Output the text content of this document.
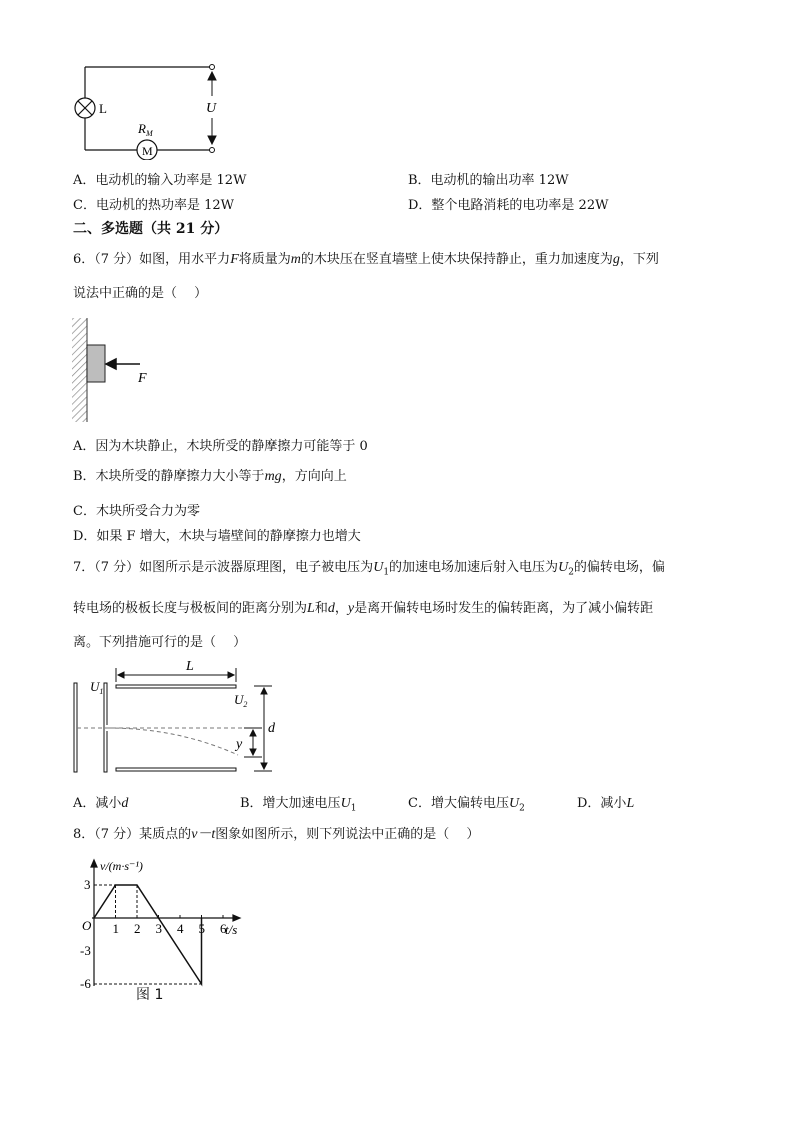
L
M
$R_M$
U
A．电动机的输入功率是 12W	B．电动机的输出功率 12W
C．电动机的热功率是 12W	D．整个电路消耗的电功率是 22W
二、多选题（共 21 分）
6．（7 分）如图，用水平力F将质量为m的木块压在竖直墙壁上使木块保持静止，重力加速度为g，下列
说法中正确的是（　 ）
F
A．因为木块静止，木块所受的静摩擦力可能等于 0
B．木块所受的静摩擦力大小等于mg，方向向上
C．木块所受合力为零
D．如果 F 增大，木块与墙壁间的静摩擦力也增大
7．（7 分）如图所示是示波器原理图，电子被电压为$U_1$的加速电场加速后射入电压为$U_2$的偏转电场，偏
转电场的极板长度与极板间的距离分别为L和d，y是离开偏转电场时发生的偏转距离，为了减小偏转距
离。下列措施可行的是（　 ）
$U_1$
L
$U_2$
y
d
A．减小d	B．增大加速电压$U_1$	C．增大偏转电压$U_2$	D．减小L
8．（7 分）某质点的v－t图象如图所示，则下列说法中正确的是（　 ）
v/(m·s⁻¹)
t/s
O 1 2 3 4 5 6
3
-3
-6
图 1
